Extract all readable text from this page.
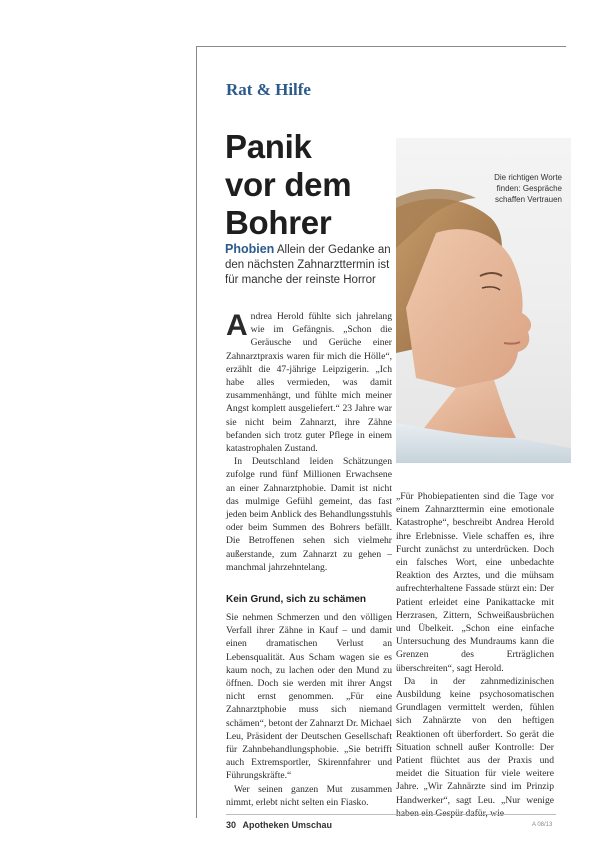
Rat & Hilfe
Panik
vor dem
Bohrer
Phobien Allein der Gedanke an den nächsten Zahnarzttermin ist für manche der reinste Horror
Die richtigen Worte finden: Gespräche schaffen Vertrauen

Andrea Herold fühlte sich jahrelang wie im Gefängnis. „Schon die Geräusche und Gerüche einer Zahnarztpraxis waren für mich die Hölle“, erzählt die 47-jährige Leipzigerin. „Ich habe alles vermieden, was damit zusammenhängt, und fühlte mich meiner Angst komplett ausgeliefert.“ 23 Jahre war sie nicht beim Zahnarzt, ihre Zähne befanden sich trotz guter Pflege in einem katastrophalen Zustand.

In Deutschland leiden Schätzungen zufolge rund fünf Millionen Erwachsene an einer Zahnarztphobie. Damit ist nicht das mulmige Gefühl gemeint, das fast jeden beim Anblick des Behandlungsstuhls oder beim Summen des Bohrers befällt. Die Betroffenen sehen sich vielmehr außerstande, zum Zahnarzt zu gehen – manchmal jahrzehntelang.

Kein Grund, sich zu schämen

Sie nehmen Schmerzen und den völligen Verfall ihrer Zähne in Kauf – und damit einen dramatischen Verlust an Lebensqualität. Aus Scham wagen sie es kaum noch, zu lachen oder den Mund zu öffnen. Doch sie werden mit ihrer Angst nicht ernst genommen. „Für eine Zahnarztphobie muss sich niemand schämen“, betont der Zahnarzt Dr. Michael Leu, Präsident der Deutschen Gesellschaft für Zahnbehandlungsphobie. „Sie betrifft auch Extremsportler, Skirennfahrer und Führungskräfte.“

Wer seinen ganzen Mut zusammen nimmt, erlebt nicht selten ein Fiasko.

„Für Phobiepatienten sind die Tage vor einem Zahnarzttermin eine emotionale Katastrophe“, beschreibt Andrea Herold ihre Erlebnisse. Viele schaffen es, ihre Furcht zunächst zu unterdrücken. Doch ein falsches Wort, eine unbedachte Reaktion des Arztes, und die mühsam aufrechterhaltene Fassade stürzt ein: Der Patient erleidet eine Panikattacke mit Herzrasen, Zittern, Schweißausbrüchen und Übelkeit. „Schon eine einfache Untersuchung des Mundraums kann die Grenzen des Erträglichen überschreiten“, sagt Herold.

Da in der zahnmedizinischen Ausbildung keine psychosomatischen Grundlagen vermittelt werden, fühlen sich Zahnärzte von den heftigen Reaktionen oft überfordert. So gerät die Situation schnell außer Kontrolle: Der Patient flüchtet aus der Praxis und meidet die Situation für viele weitere Jahre. „Wir Zahnärzte sind im Prinzip Handwerker“, sagt Leu. „Nur wenige

30 Apotheken Umschau	A 08/13
